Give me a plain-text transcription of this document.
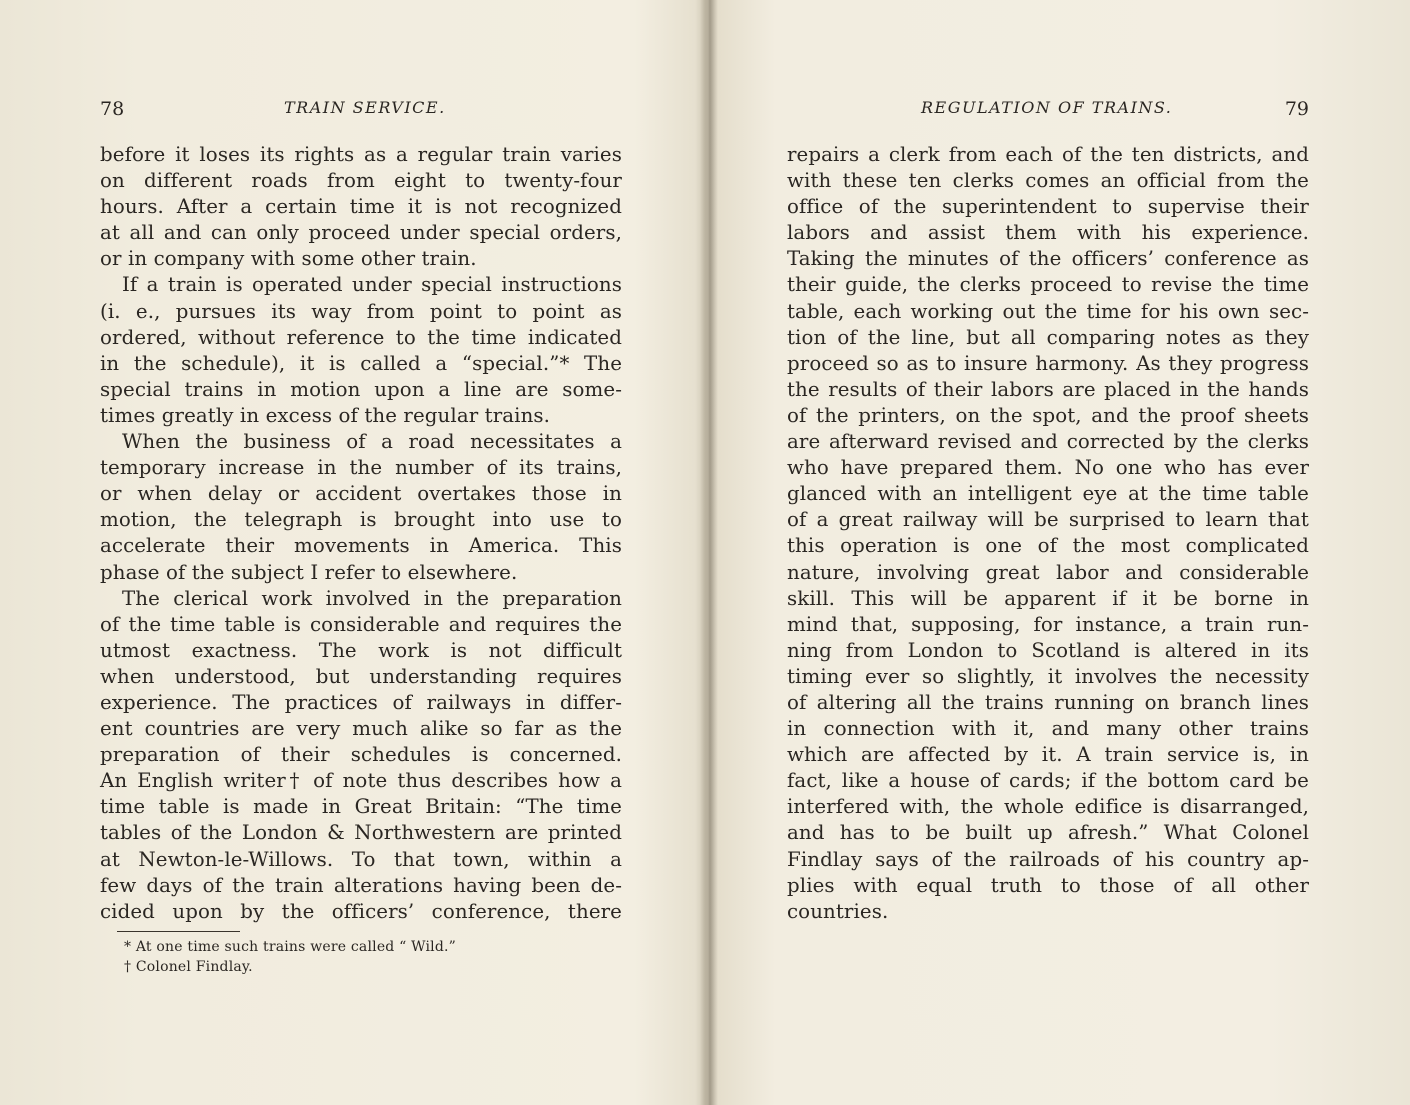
78	TRAIN SERVICE.
before it loses its rights as a regular train varies
on different roads from eight to twenty-four
hours. After a certain time it is not recognized
at all and can only proceed under special orders,
or in company with some other train.
If a train is operated under special instructions
(i. e., pursues its way from point to point as
ordered, without reference to the time indicated
in the schedule), it is called a “special.”* The
special trains in motion upon a line are some-
times greatly in excess of the regular trains.
When the business of a road necessitates a
temporary increase in the number of its trains,
or when delay or accident overtakes those in
motion, the telegraph is brought into use to
accelerate their movements in America. This
phase of the subject I refer to elsewhere.
The clerical work involved in the preparation
of the time table is considerable and requires the
utmost exactness. The work is not difficult
when understood, but understanding requires
experience. The practices of railways in differ-
ent countries are very much alike so far as the
preparation of their schedules is concerned.
An English writer† of note thus describes how a
time table is made in Great Britain: “The time
tables of the London & Northwestern are printed
at Newton-le-Willows. To that town, within a
few days of the train alterations having been de-
cided upon by the officers’ conference, there
* At one time such trains were called “ Wild.”
† Colonel Findlay.
REGULATION OF TRAINS.	79
repairs a clerk from each of the ten districts, and
with these ten clerks comes an official from the
office of the superintendent to supervise their
labors and assist them with his experience.
Taking the minutes of the officers’ conference as
their guide, the clerks proceed to revise the time
table, each working out the time for his own sec-
tion of the line, but all comparing notes as they
proceed so as to insure harmony. As they progress
the results of their labors are placed in the hands
of the printers, on the spot, and the proof sheets
are afterward revised and corrected by the clerks
who have prepared them. No one who has ever
glanced with an intelligent eye at the time table
of a great railway will be surprised to learn that
this operation is one of the most complicated
nature, involving great labor and considerable
skill. This will be apparent if it be borne in
mind that, supposing, for instance, a train run-
ning from London to Scotland is altered in its
timing ever so slightly, it involves the necessity
of altering all the trains running on branch lines
in connection with it, and many other trains
which are affected by it. A train service is, in
fact, like a house of cards; if the bottom card be
interfered with, the whole edifice is disarranged,
and has to be built up afresh.” What Colonel
Findlay says of the railroads of his country ap-
plies with equal truth to those of all other
countries.
